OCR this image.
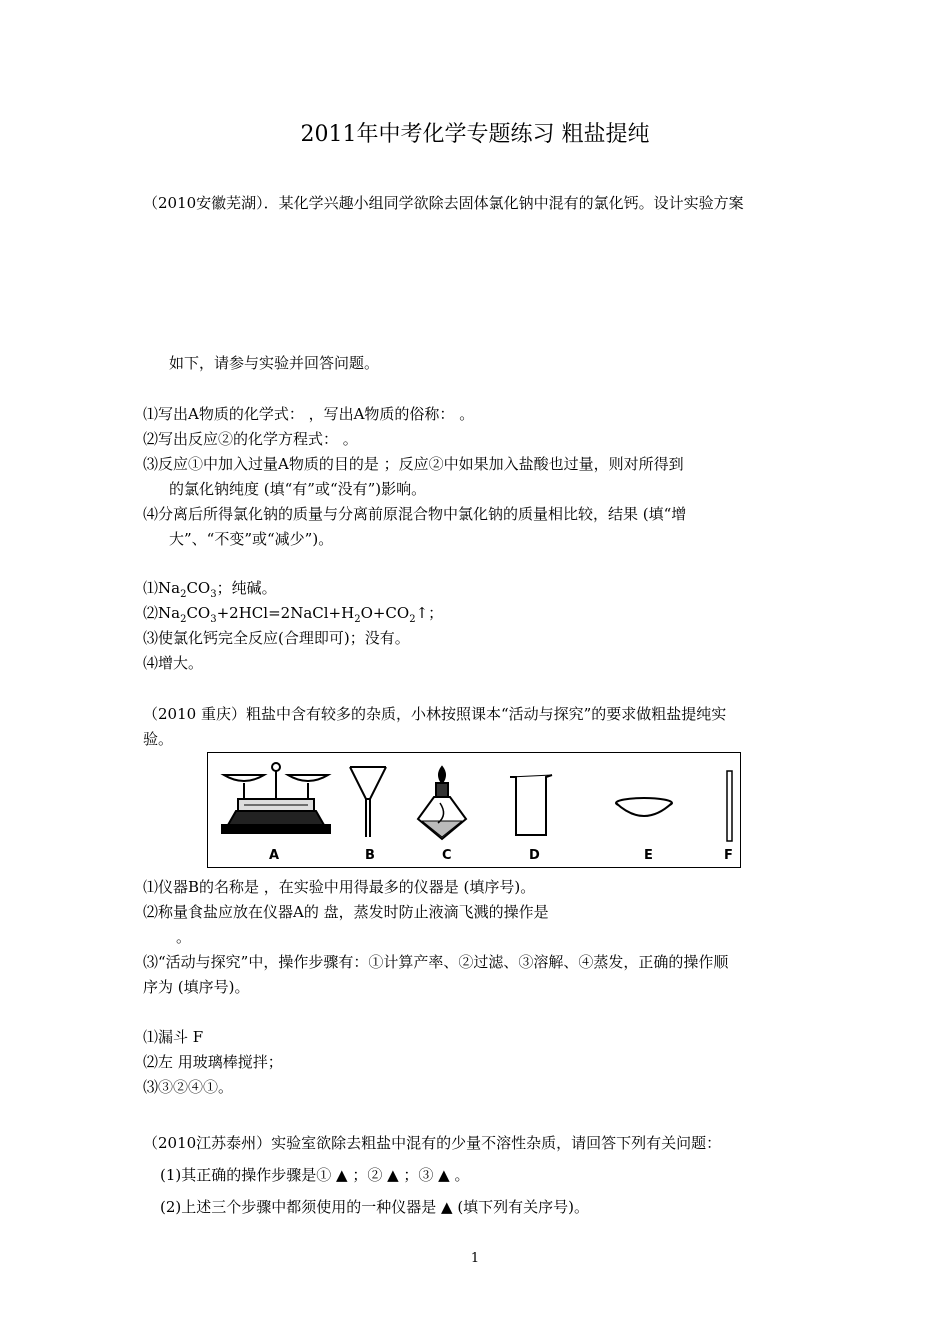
2011年中考化学专题练习 粗盐提纯
（2010安徽芜湖）．某化学兴趣小组同学欲除去固体氯化钠中混有的氯化钙。设计实验方案
如下，请参与实验并回答问题。
⑴写出A物质的化学式： ，写出A物质的俗称： 。
⑵写出反应②的化学方程式： 。
⑶反应①中加入过量A物质的目的是 ；反应②中如果加入盐酸也过量，则对所得到
的氯化钠纯度 (填“有”或“没有”)影响。
⑷分离后所得氯化钠的质量与分离前原混合物中氯化钠的质量相比较，结果 (填“增
大”、“不变”或“减少”)。
$⑴Na_2CO_3$；纯碱。
$⑵Na_2CO_3+2HCl=2NaCl+H_2O+CO_2↑$；
⑶使氯化钙完全反应(合理即可)；没有。
⑷增大。
（2010 重庆）粗盐中含有较多的杂质，小林按照课本“活动与探究”的要求做粗盐提纯实
验。
A	B	C	D	E	F
⑴仪器B的名称是 ，在实验中用得最多的仪器是 (填序号)。
⑵称量食盐应放在仪器A的 盘，蒸发时防止液滴飞溅的操作是
。
⑶“活动与探究”中，操作步骤有：①计算产率、②过滤、③溶解、④蒸发，正确的操作顺
序为 (填序号)。
⑴漏斗 F
⑵左 用玻璃棒搅拌；
⑶③②④①。
（2010江苏泰州）实验室欲除去粗盐中混有的少量不溶性杂质，请回答下列有关问题：
(1)其正确的操作步骤是① ▲ ；② ▲ ；③ ▲ 。
(2)上述三个步骤中都须使用的一种仪器是 ▲ (填下列有关序号)。
1
